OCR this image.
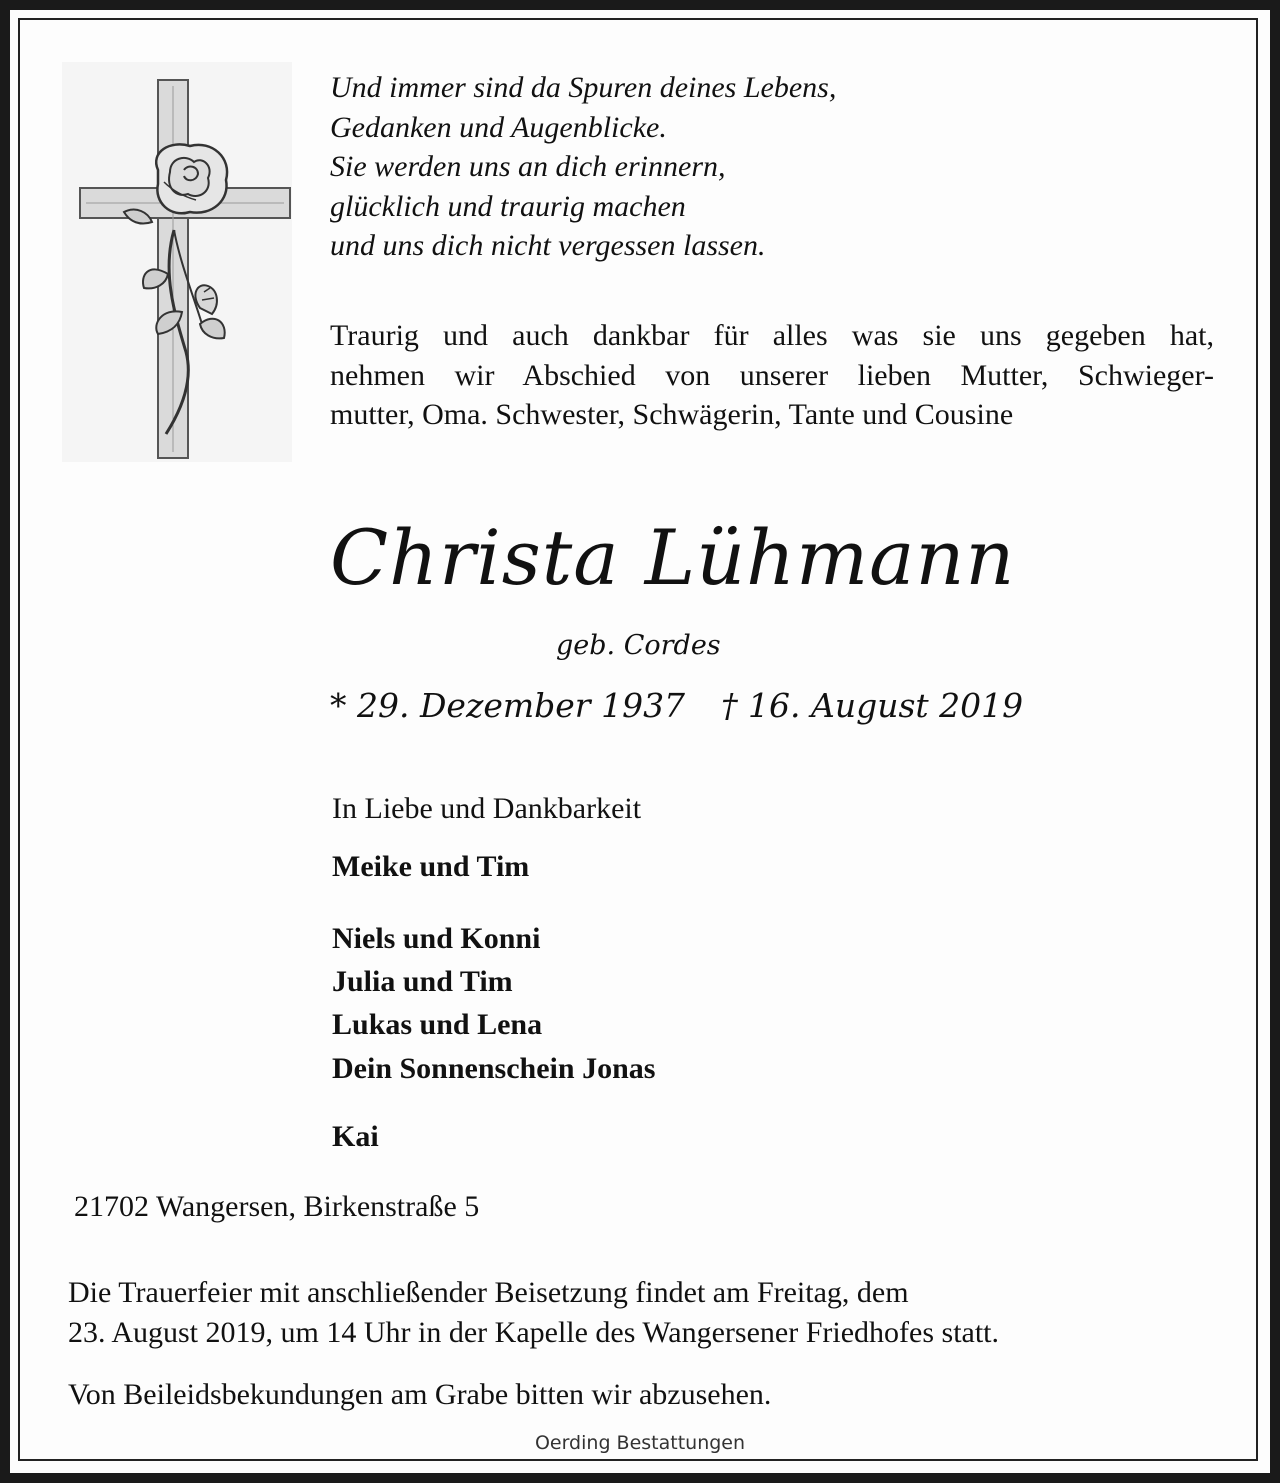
Und immer sind da Spuren deines Lebens,
Gedanken und Augenblicke.
Sie werden uns an dich erinnern,
glücklich und traurig machen
und uns dich nicht vergessen lassen.
Traurig und auch dankbar für alles was sie uns gegeben hat,
nehmen wir Abschied von unserer lieben Mutter, Schwieger-
mutter, Oma. Schwester, Schwägerin, Tante und Cousine
Christa Lühmann
geb. Cordes
* 29. Dezember 1937 † 16. August 2019
In Liebe und Dankbarkeit
Meike und Tim
Niels und Konni
Julia und Tim
Lukas und Lena
Dein Sonnenschein Jonas
Kai
21702 Wangersen, Birkenstraße 5
Die Trauerfeier mit anschließender Beisetzung findet am Freitag, dem
23. August 2019, um 14 Uhr in der Kapelle des Wangersener Friedhofes statt.
Von Beileidsbekundungen am Grabe bitten wir abzusehen.
Oerding Bestattungen
